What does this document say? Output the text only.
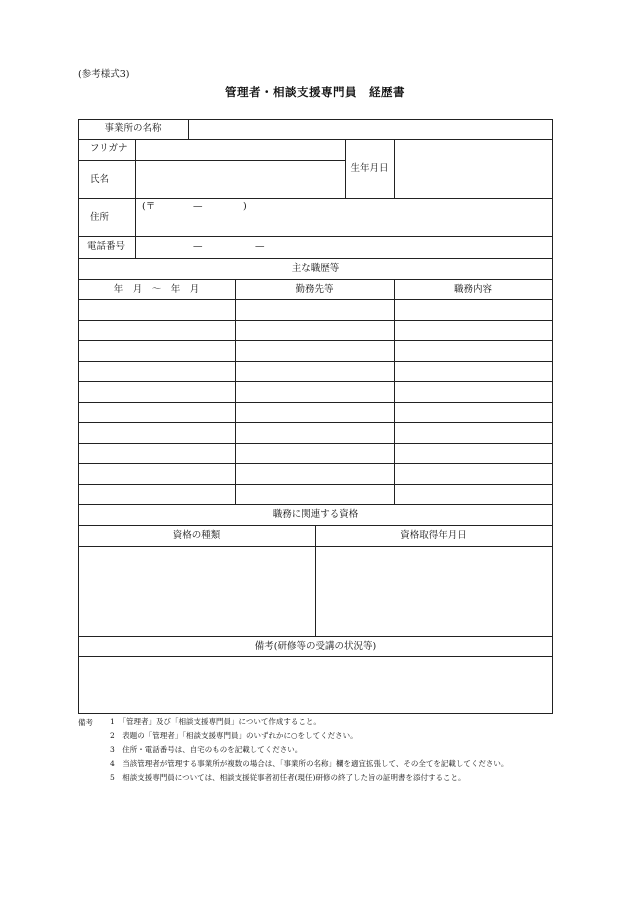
(参考様式3)
管理者・相談支援専門員　経歴書
事業所の名称
フリガナ
氏名
生年月日
住所
(〒	—	)
電話番号	—	—
主な職歴等
年　月　～　年　月	勤務先等	職務内容
職務に関連する資格
資格の種類	資格取得年月日
備考(研修等の受講の状況等)
備考 1　「管理者」及び「相談支援専門員」について作成すること。
2　表題の「管理者」「相談支援専門員」のいずれかに○をしてください。
3　住所・電話番号は、自宅のものを記載してください。
4　当該管理者が管理する事業所が複数の場合は、「事業所の名称」欄を適宜拡張して、その全てを記載してください。
5　相談支援専門員については、相談支援従事者初任者(現任)研修の終了した旨の証明書を添付すること。
